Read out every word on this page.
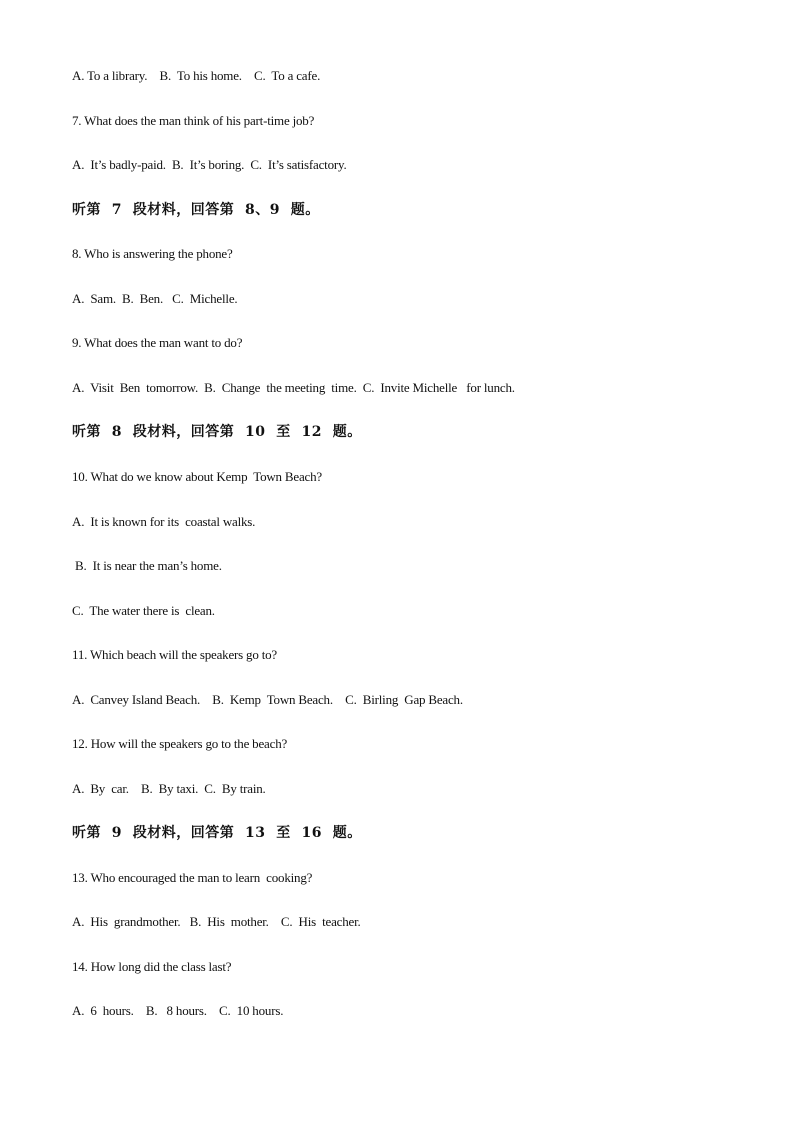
A. To a library.    B.  To his home.    C.  To a cafe.
7. What does the man think of his part-time job?
A.  It’s badly-paid.  B.  It’s boring.  C.  It’s satisfactory.
听第  7  段材料，回答第  8、9  题。
8. Who is answering the phone?
A.  Sam.  B.  Ben.   C.  Michelle.
9. What does the man want to do?
A.  Visit  Ben  tomorrow.  B.  Change  the meeting  time.  C.  Invite Michelle   for lunch.
听第  8  段材料，回答第  10  至  12  题。
10. What do we know about Kemp  Town Beach?
A.  It is known for its  coastal walks.
B.  It is near the man’s home.
C.  The water there is  clean.
11. Which beach will the speakers go to?
A.  Canvey Island Beach.    B.  Kemp  Town Beach.    C.  Birling  Gap Beach.
12. How will the speakers go to the beach?
A.  By  car.    B.  By taxi.  C.  By train.
听第  9  段材料，回答第  13  至  16  题。
13. Who encouraged the man to learn  cooking?
A.  His  grandmother.   B.  His  mother.    C.  His  teacher.
14. How long did the class last?
A.  6  hours.    B.   8 hours.    C.  10 hours.
